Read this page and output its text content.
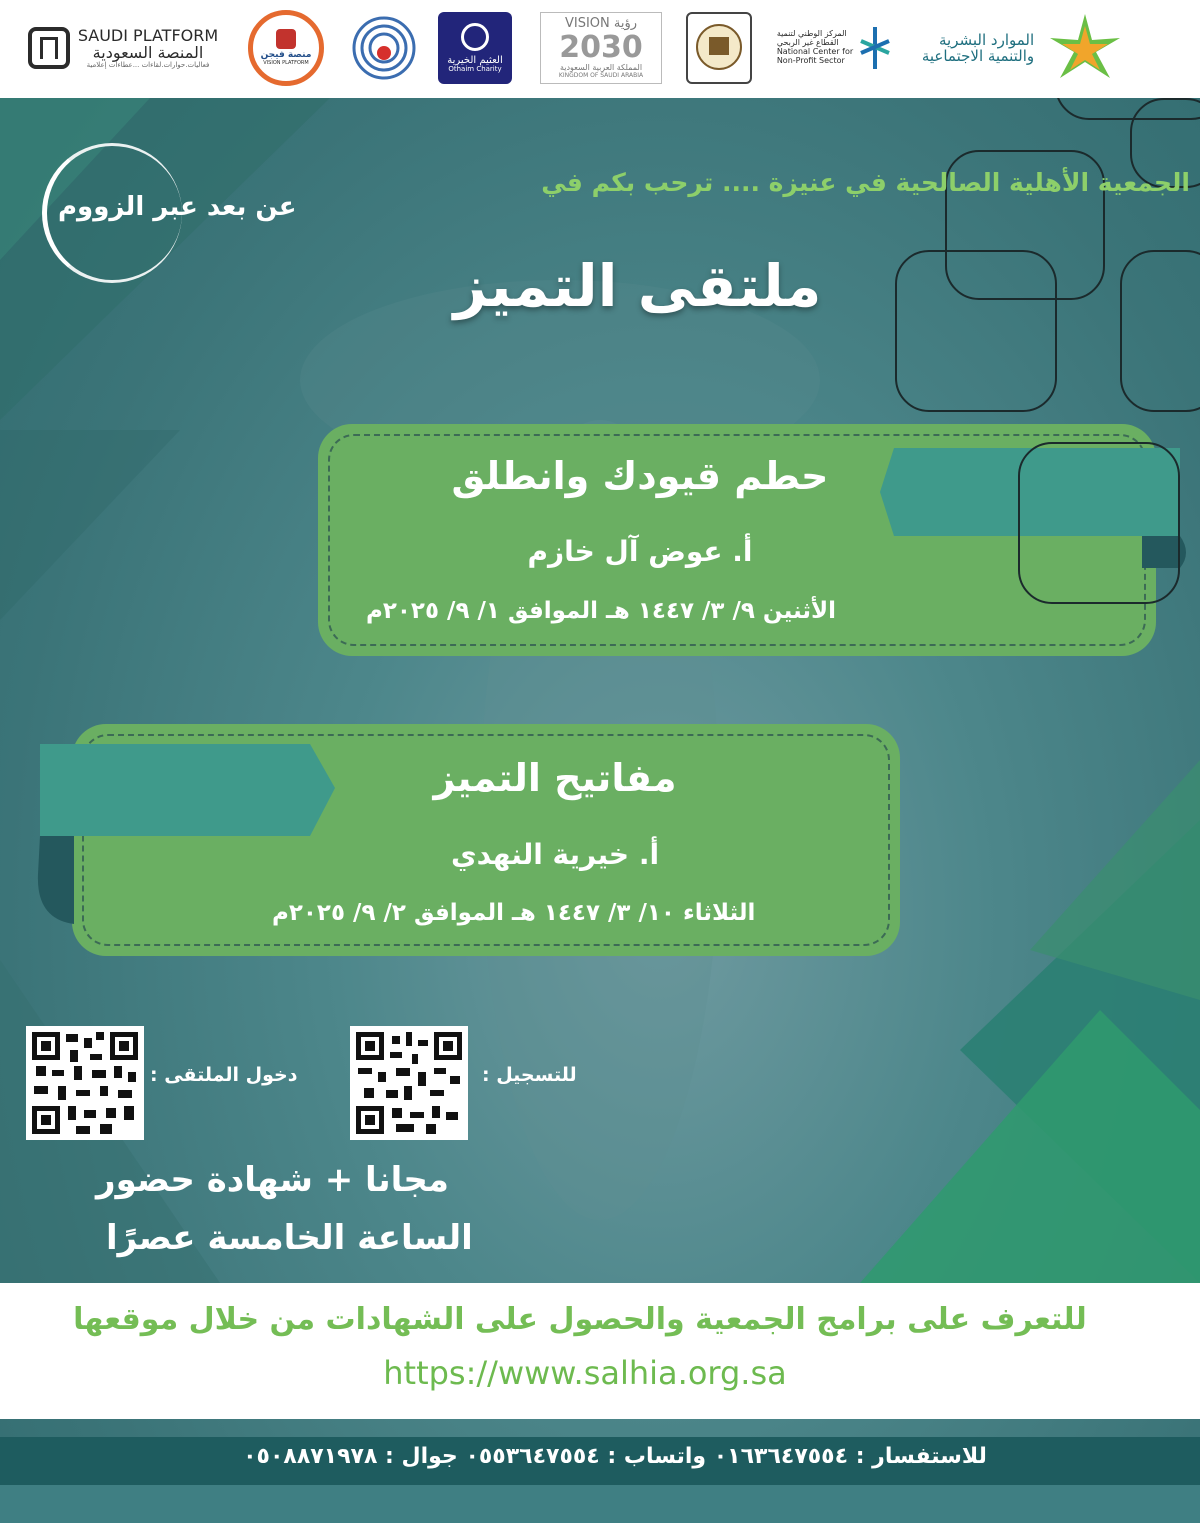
SAUDI PLATFORM
المنصة السعودية
فعاليات.حوارات.لقاءات ...عطاءات إعلامية
منصة فيجن
VISION PLATFORM	العثيم الخيرية
Othaim Charity
VISION رؤية
2030
المملكة العربية السعودية
KINGDOM OF SAUDI ARABIA
المركز الوطني لتنمية
القطاع غير الربحي
National Center for
Non-Profit Sector
الموارد البشرية
والتنمية الاجتماعية
عن بعد عبر الزووم
الجمعية الأهلية الصالحية في عنيزة .... ترحب بكم في
ملتقى التميز
حطم قيودك وانطلق
أ. عوض آل خازم
الأثنين ٩/ ٣/ ١٤٤٧ هـ الموافق ١/ ٩/ ٢٠٢٥م
مفاتيح التميز
أ. خيرية النهدي
الثلاثاء ١٠/ ٣/ ١٤٤٧ هـ الموافق ٢/ ٩/ ٢٠٢٥م
للتسجيل :
دخول الملتقى :
مجانا + شهادة حضور
الساعة الخامسة عصرًا
للتعرف على برامج الجمعية والحصول على الشهادات من خلال موقعها
https://www.salhia.org.sa
للاستفسار : ٠١٦٣٦٤٧٥٥٤ واتساب : ٠٥٥٣٦٤٧٥٥٤ جوال : ٠٥٠٨٨٧١٩٧٨
